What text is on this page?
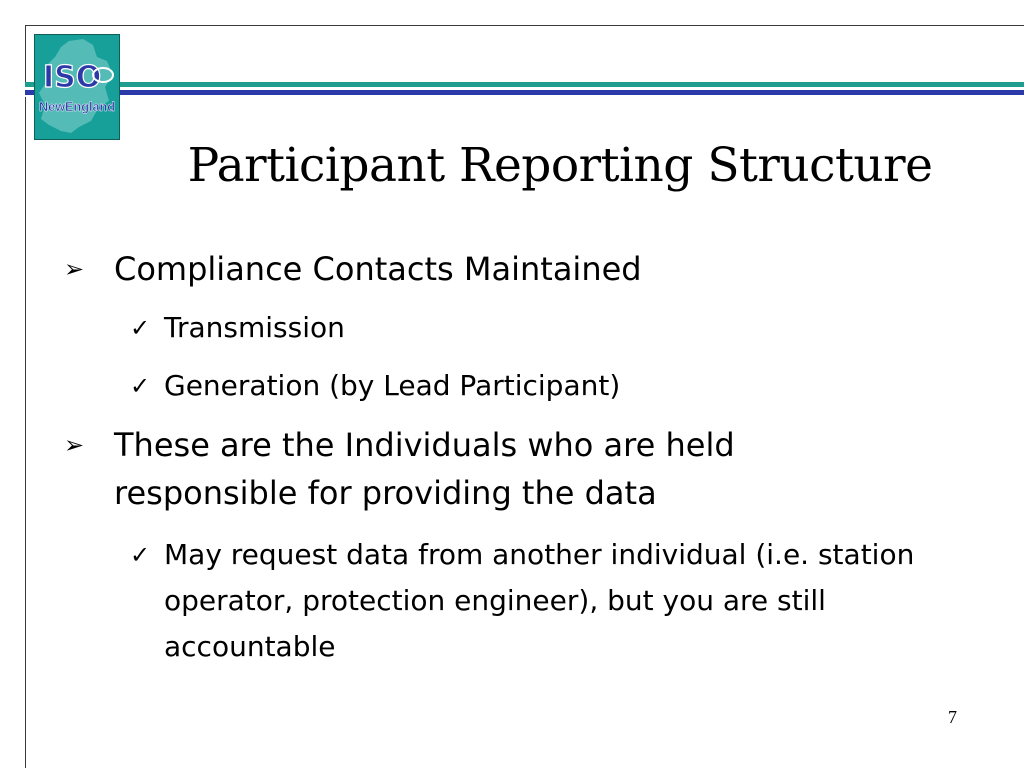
ISO
NewEngland
Participant Reporting Structure
➢ Compliance Contacts Maintained
✓ Transmission
✓ Generation (by Lead Participant)
➢ These are the Individuals who are held responsible for providing the data
✓ May request data from another individual (i.e. station operator, protection engineer), but you are still accountable
7
